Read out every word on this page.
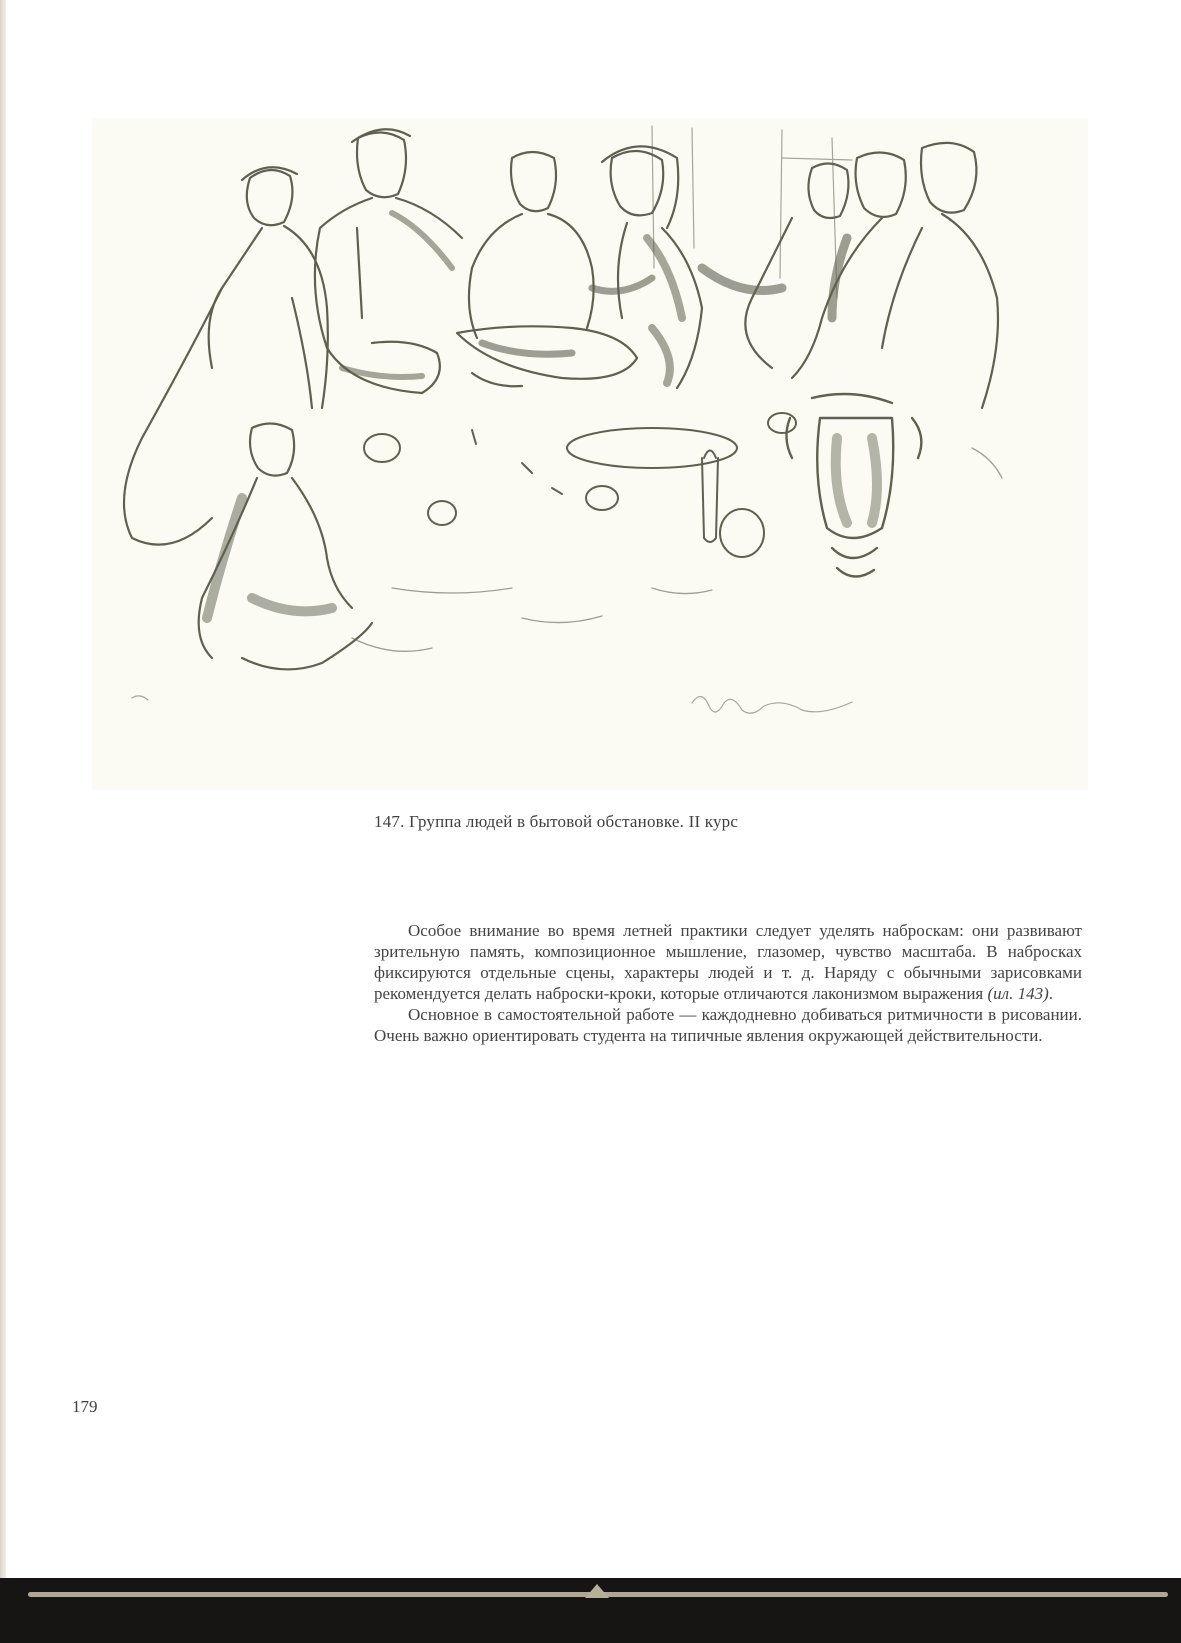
147. Группа людей в бытовой обстановке. II курс

Особое внимание во время летней практики следует уделять наброскам: они развивают зрительную память, композиционное мышление, глазомер, чувство масштаба. В набросках фиксируются отдельные сцены, характеры людей и т. д. Наряду с обычными зарисовками рекомендуется делать наброски-кроки, которые отличаются лаконизмом выражения (ил. 143).

Основное в самостоятельной работе — каждодневно добиваться ритмичности в рисовании. Очень важно ориентировать студента на типичные явления окружающей действительности.

179
